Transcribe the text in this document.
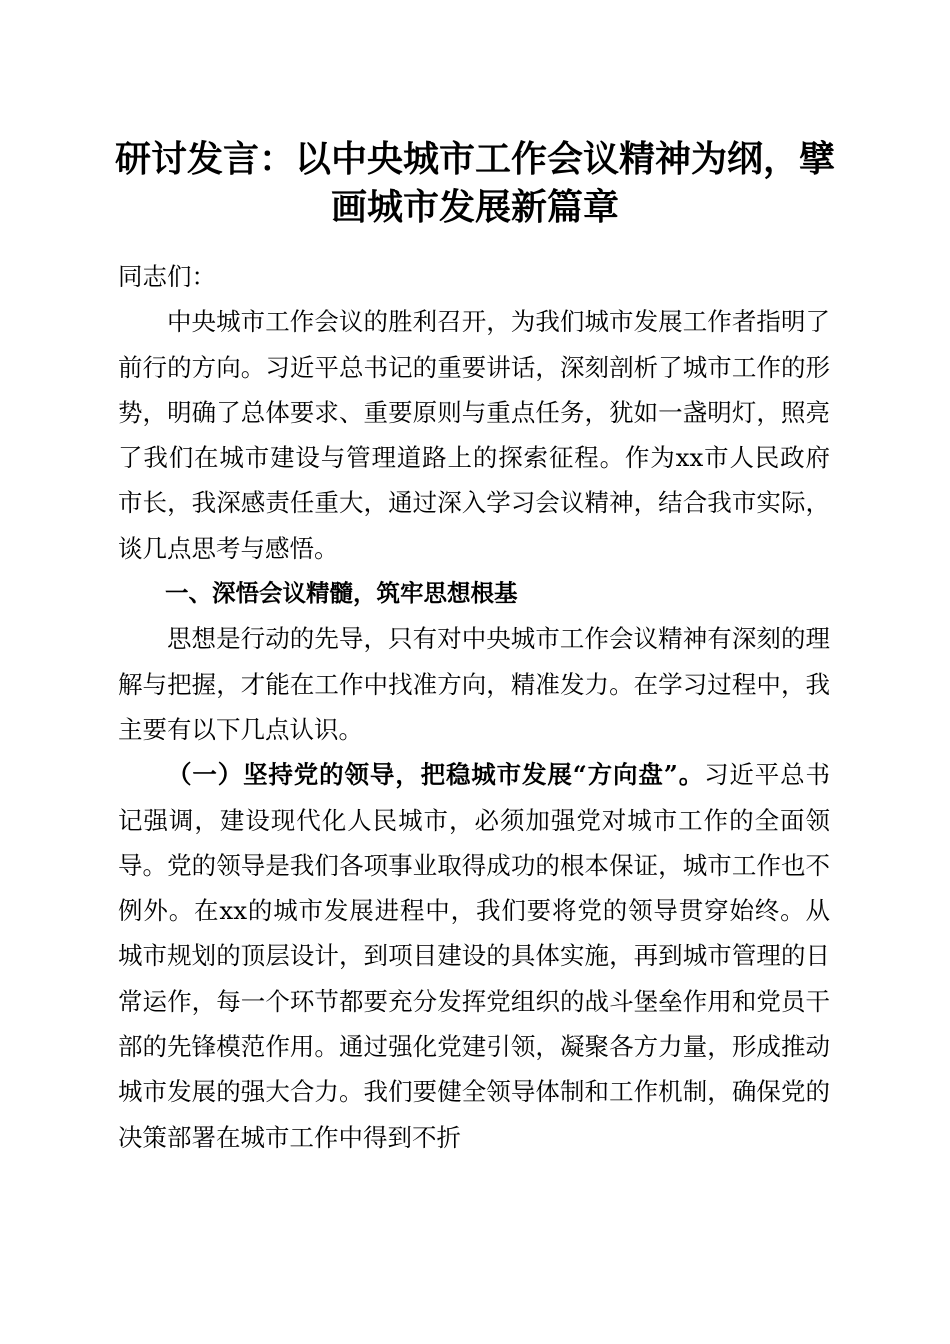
研讨发言：以中央城市工作会议精神为纲，擘
画城市发展新篇章

同志们：

中央城市工作会议的胜利召开，为我们城市发展工作者指明了前行的方向。习近平总书记的重要讲话，深刻剖析了城市工作的形势，明确了总体要求、重要原则与重点任务，犹如一盏明灯，照亮了我们在城市建设与管理道路上的探索征程。作为xx市人民政府市长，我深感责任重大，通过深入学习会议精神，结合我市实际，谈几点思考与感悟。

一、深悟会议精髓，筑牢思想根基

思想是行动的先导，只有对中央城市工作会议精神有深刻的理解与把握，才能在工作中找准方向，精准发力。在学习过程中，我主要有以下几点认识。

（一）坚持党的领导，把稳城市发展“方向盘”。习近平总书记强调，建设现代化人民城市，必须加强党对城市工作的全面领导。党的领导是我们各项事业取得成功的根本保证，城市工作也不例外。在xx的城市发展进程中，我们要将党的领导贯穿始终。从城市规划的顶层设计，到项目建设的具体实施，再到城市管理的日常运作，每一个环节都要充分发挥党组织的战斗堡垒作用和党员干部的先锋模范作用。通过强化党建引领，凝聚各方力量，形成推动城市发展的强大合力。我们要健全领导体制和工作机制，确保党的决策部署在城市工作中得到不折
